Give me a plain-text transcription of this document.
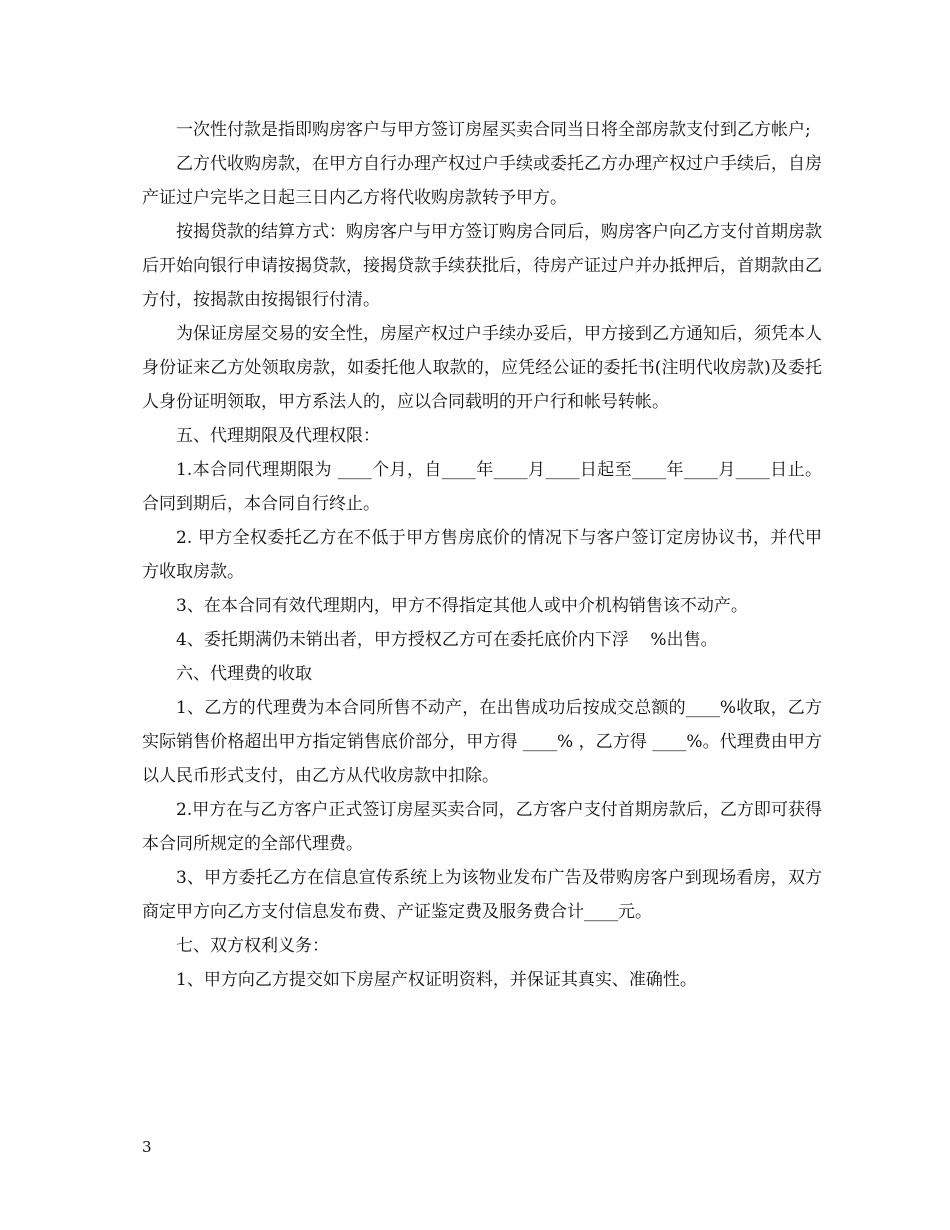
一次性付款是指即购房客户与甲方签订房屋买卖合同当日将全部房款支付到乙方帐户;

乙方代收购房款，在甲方自行办理产权过户手续或委托乙方办理产权过户手续后，自房产证过户完毕之日起三日内乙方将代收购房款转予甲方。

按揭贷款的结算方式：购房客户与甲方签订购房合同后，购房客户向乙方支付首期房款后开始向银行申请按揭贷款，接揭贷款手续获批后，待房产证过户并办抵押后，首期款由乙方付，按揭款由按揭银行付清。

为保证房屋交易的安全性，房屋产权过户手续办妥后，甲方接到乙方通知后，须凭本人身份证来乙方处领取房款，如委托他人取款的，应凭经公证的委托书(注明代收房款)及委托人身份证明领取，甲方系法人的，应以合同载明的开户行和帐号转帐。

五、代理期限及代理权限：

1.本合同代理期限为 ____个月，自____年____月____日起至____年____月____日止。合同到期后，本合同自行终止。

2. 甲方全权委托乙方在不低于甲方售房底价的情况下与客户签订定房协议书，并代甲方收取房款。

3、在本合同有效代理期内，甲方不得指定其他人或中介机构销售该不动产。

4、委托期满仍未销出者，甲方授权乙方可在委托底价内下浮    %出售。

六、代理费的收取

1、乙方的代理费为本合同所售不动产，在出售成功后按成交总额的____%收取，乙方实际销售价格超出甲方指定销售底价部分，甲方得 ____% ，乙方得 ____%。代理费由甲方以人民币形式支付，由乙方从代收房款中扣除。

2.甲方在与乙方客户正式签订房屋买卖合同，乙方客户支付首期房款后，乙方即可获得本合同所规定的全部代理费。

3、甲方委托乙方在信息宣传系统上为该物业发布广告及带购房客户到现场看房，双方商定甲方向乙方支付信息发布费、产证鉴定费及服务费合计____元。

七、双方权利义务：

1、甲方向乙方提交如下房屋产权证明资料，并保证其真实、准确性。

3
